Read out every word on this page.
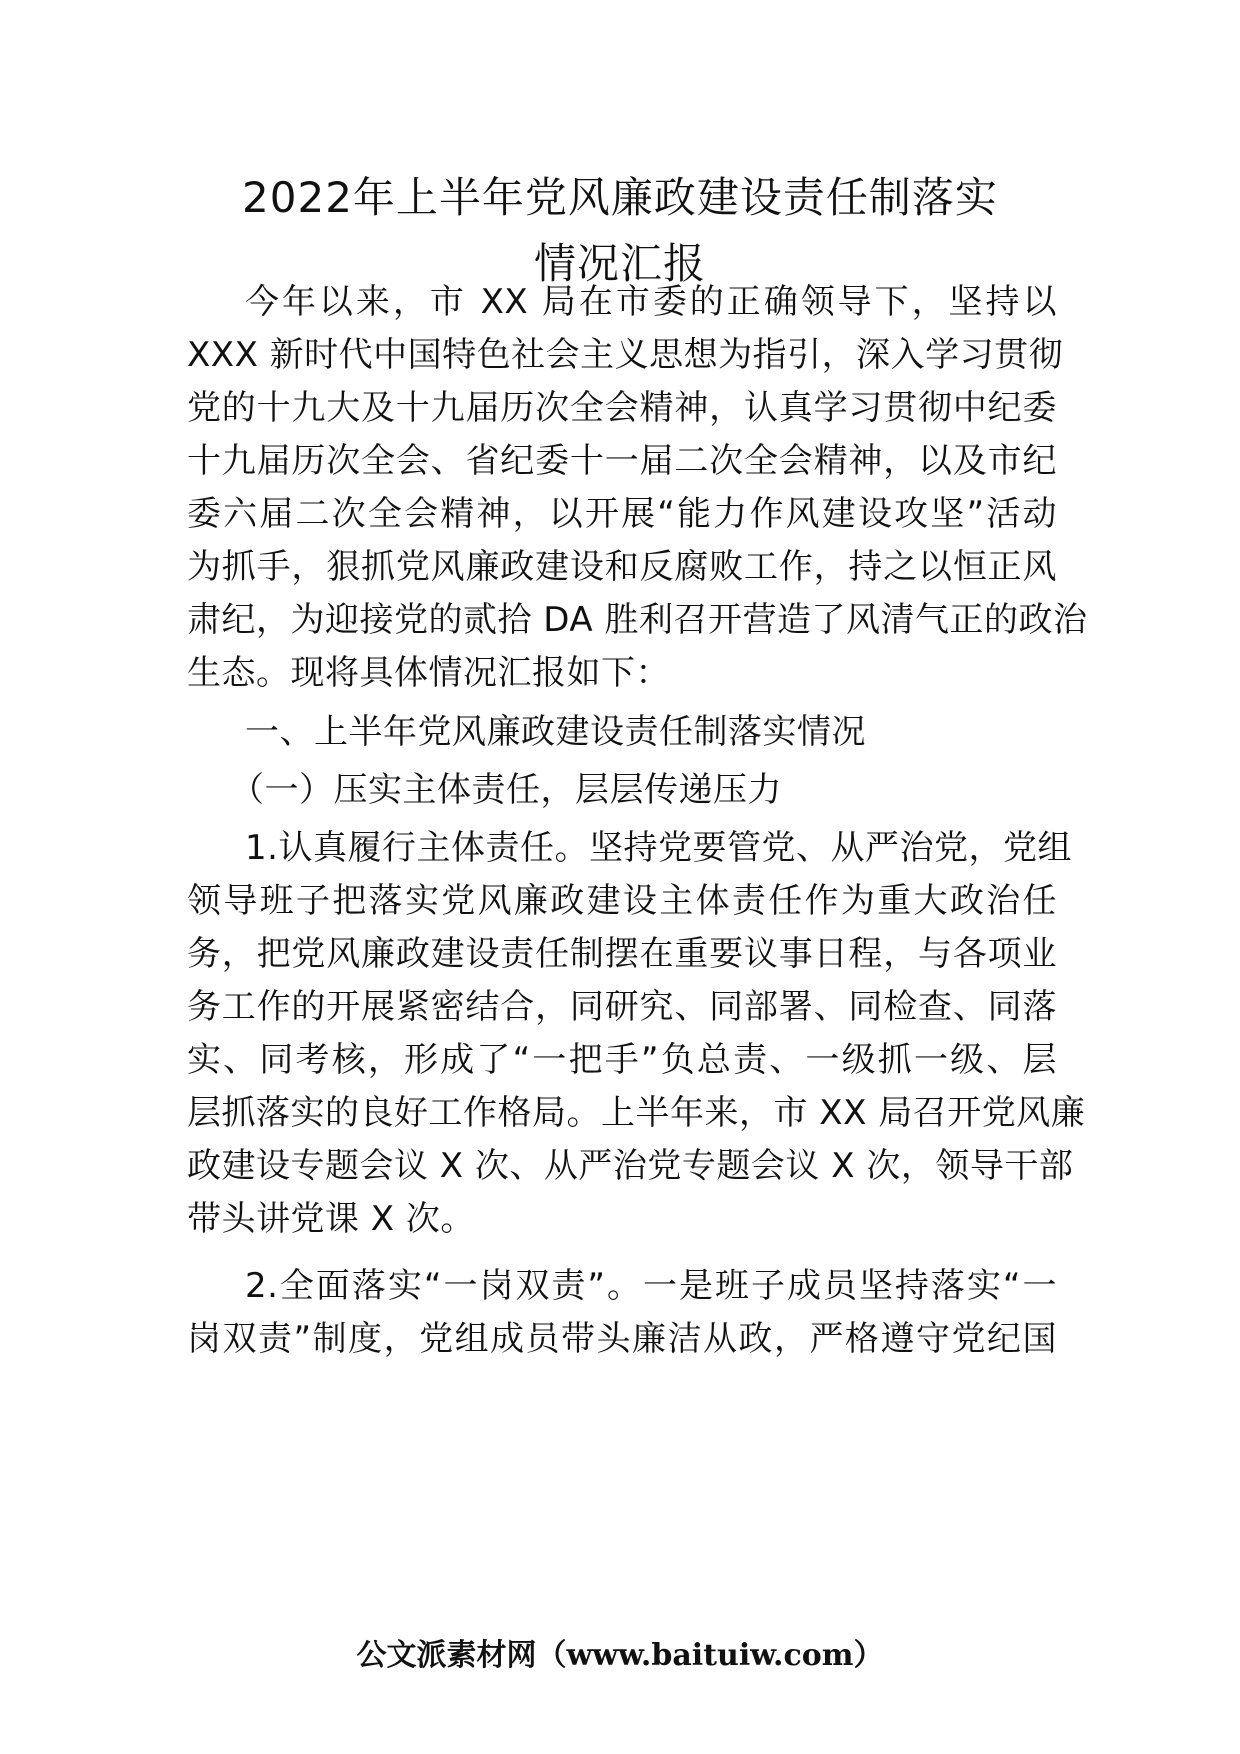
2022年上半年党风廉政建设责任制落实
情况汇报
今年以来，市 XX 局在市委的正确领导下，坚持以
XXX 新时代中国特色社会主义思想为指引，深入学习贯彻
党的十九大及十九届历次全会精神，认真学习贯彻中纪委
十九届历次全会、省纪委十一届二次全会精神，以及市纪
委六届二次全会精神，以开展“能力作风建设攻坚”活动
为抓手，狠抓党风廉政建设和反腐败工作，持之以恒正风
肃纪，为迎接党的贰拾 DA 胜利召开营造了风清气正的政治
生态。现将具体情况汇报如下：
一、上半年党风廉政建设责任制落实情况
（一）压实主体责任，层层传递压力
1.认真履行主体责任。坚持党要管党、从严治党，党组
领导班子把落实党风廉政建设主体责任作为重大政治任
务，把党风廉政建设责任制摆在重要议事日程，与各项业
务工作的开展紧密结合，同研究、同部署、同检查、同落
实、同考核，形成了“一把手”负总责、一级抓一级、层
层抓落实的良好工作格局。上半年来，市 XX 局召开党风廉
政建设专题会议 X 次、从严治党专题会议 X 次，领导干部
带头讲党课 X 次。
2.全面落实“一岗双责”。一是班子成员坚持落实“一
岗双责”制度，党组成员带头廉洁从政，严格遵守党纪国
公文派素材网（www.baituiw.com）
